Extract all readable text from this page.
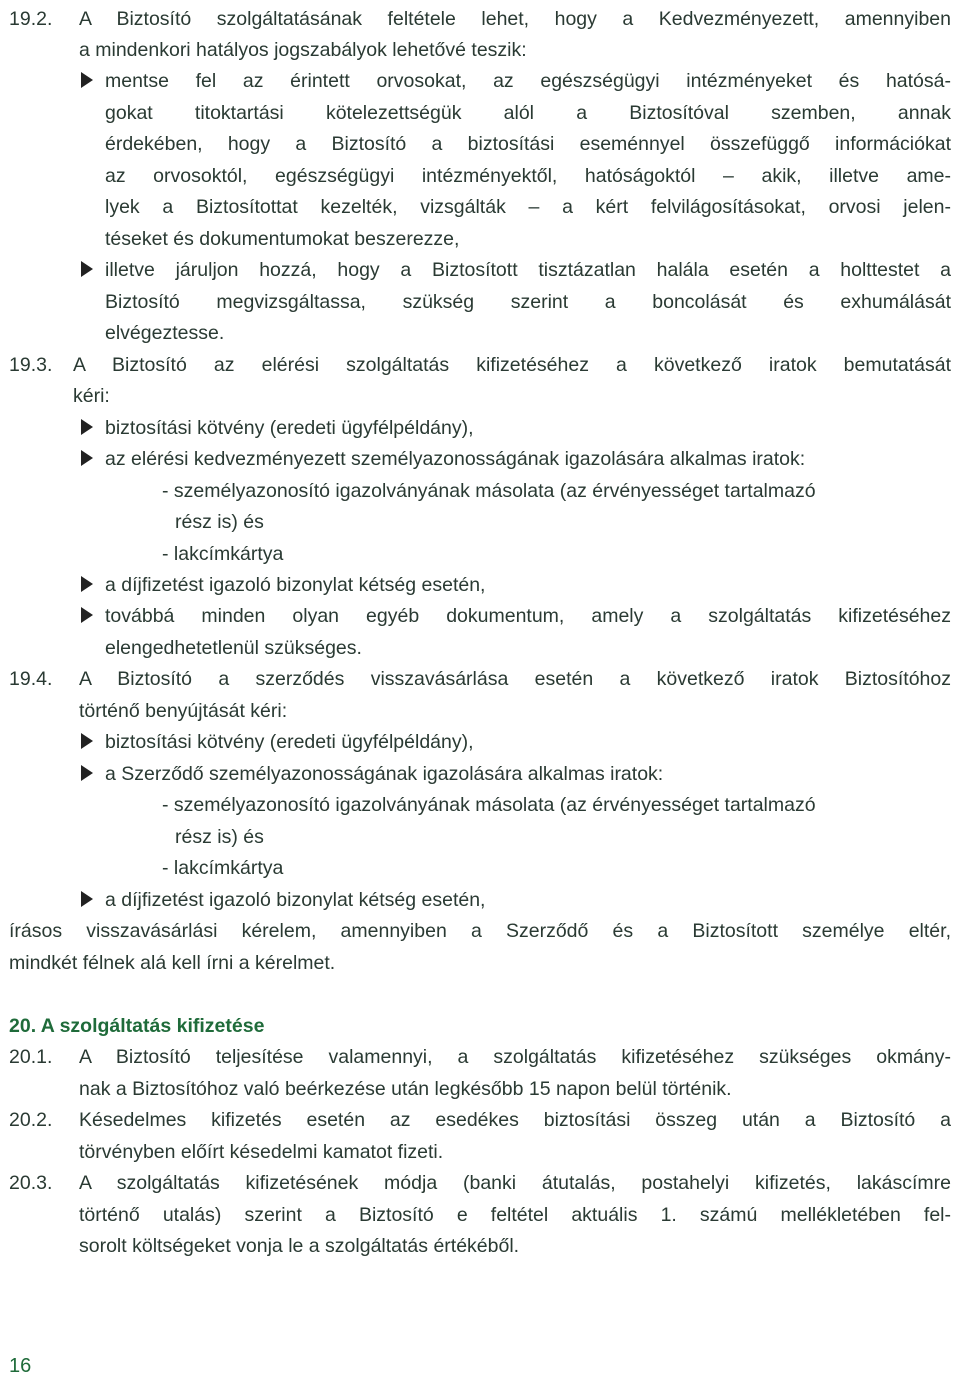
19.2. A Biztosító szolgáltatásának feltétele lehet, hogy a Kedvezményezett, amennyiben
a mindenkori hatályos jogszabályok lehetővé teszik:
mentse fel az érintett orvosokat, az egészségügyi intézményeket és hatósá-
gokat titoktartási kötelezettségük alól a Biztosítóval szemben, annak
érdekében, hogy a Biztosító a biztosítási eseménnyel összefüggő információkat
az orvosoktól, egészségügyi intézményektől, hatóságoktól – akik, illetve ame-
lyek a Biztosítottat kezelték, vizsgálták – a kért felvilágosításokat, orvosi jelen-
téseket és dokumentumokat beszerezze,
illetve járuljon hozzá, hogy a Biztosított tisztázatlan halála esetén a holttestet a
Biztosító megvizsgáltassa, szükség szerint a boncolását és exhumálását
elvégeztesse.
19.3. A Biztosító az elérési szolgáltatás kifizetéséhez a következő iratok bemutatását
kéri:
biztosítási kötvény (eredeti ügyfélpéldány),
az elérési kedvezményezett személyazonosságának igazolására alkalmas iratok:
- személyazonosító igazolványának másolata (az érvényességet tartalmazó
rész is) és
- lakcímkártya
a díjfizetést igazoló bizonylat kétség esetén,
továbbá minden olyan egyéb dokumentum, amely a szolgáltatás kifizetéséhez
elengedhetetlenül szükséges.
19.4. A Biztosító a szerződés visszavásárlása esetén a következő iratok Biztosítóhoz
történő benyújtását kéri:
biztosítási kötvény (eredeti ügyfélpéldány),
a Szerződő személyazonosságának igazolására alkalmas iratok:
- személyazonosító igazolványának másolata (az érvényességet tartalmazó
rész is) és
- lakcímkártya
a díjfizetést igazoló bizonylat kétség esetén,
írásos visszavásárlási kérelem, amennyiben a Szerződő és a Biztosított személye eltér,
mindkét félnek alá kell írni a kérelmet.
20. A szolgáltatás kifizetése
20.1. A Biztosító teljesítése valamennyi, a szolgáltatás kifizetéséhez szükséges okmány-
nak a Biztosítóhoz való beérkezése után legkésőbb 15 napon belül történik.
20.2. Késedelmes kifizetés esetén az esedékes biztosítási összeg után a Biztosító a
törvényben előírt késedelmi kamatot fizeti.
20.3. A szolgáltatás kifizetésének módja (banki átutalás, postahelyi kifizetés, lakáscímre
történő utalás) szerint a Biztosító e feltétel aktuális 1. számú mellékletében fel-
sorolt költségeket vonja le a szolgáltatás értékéből.
16
